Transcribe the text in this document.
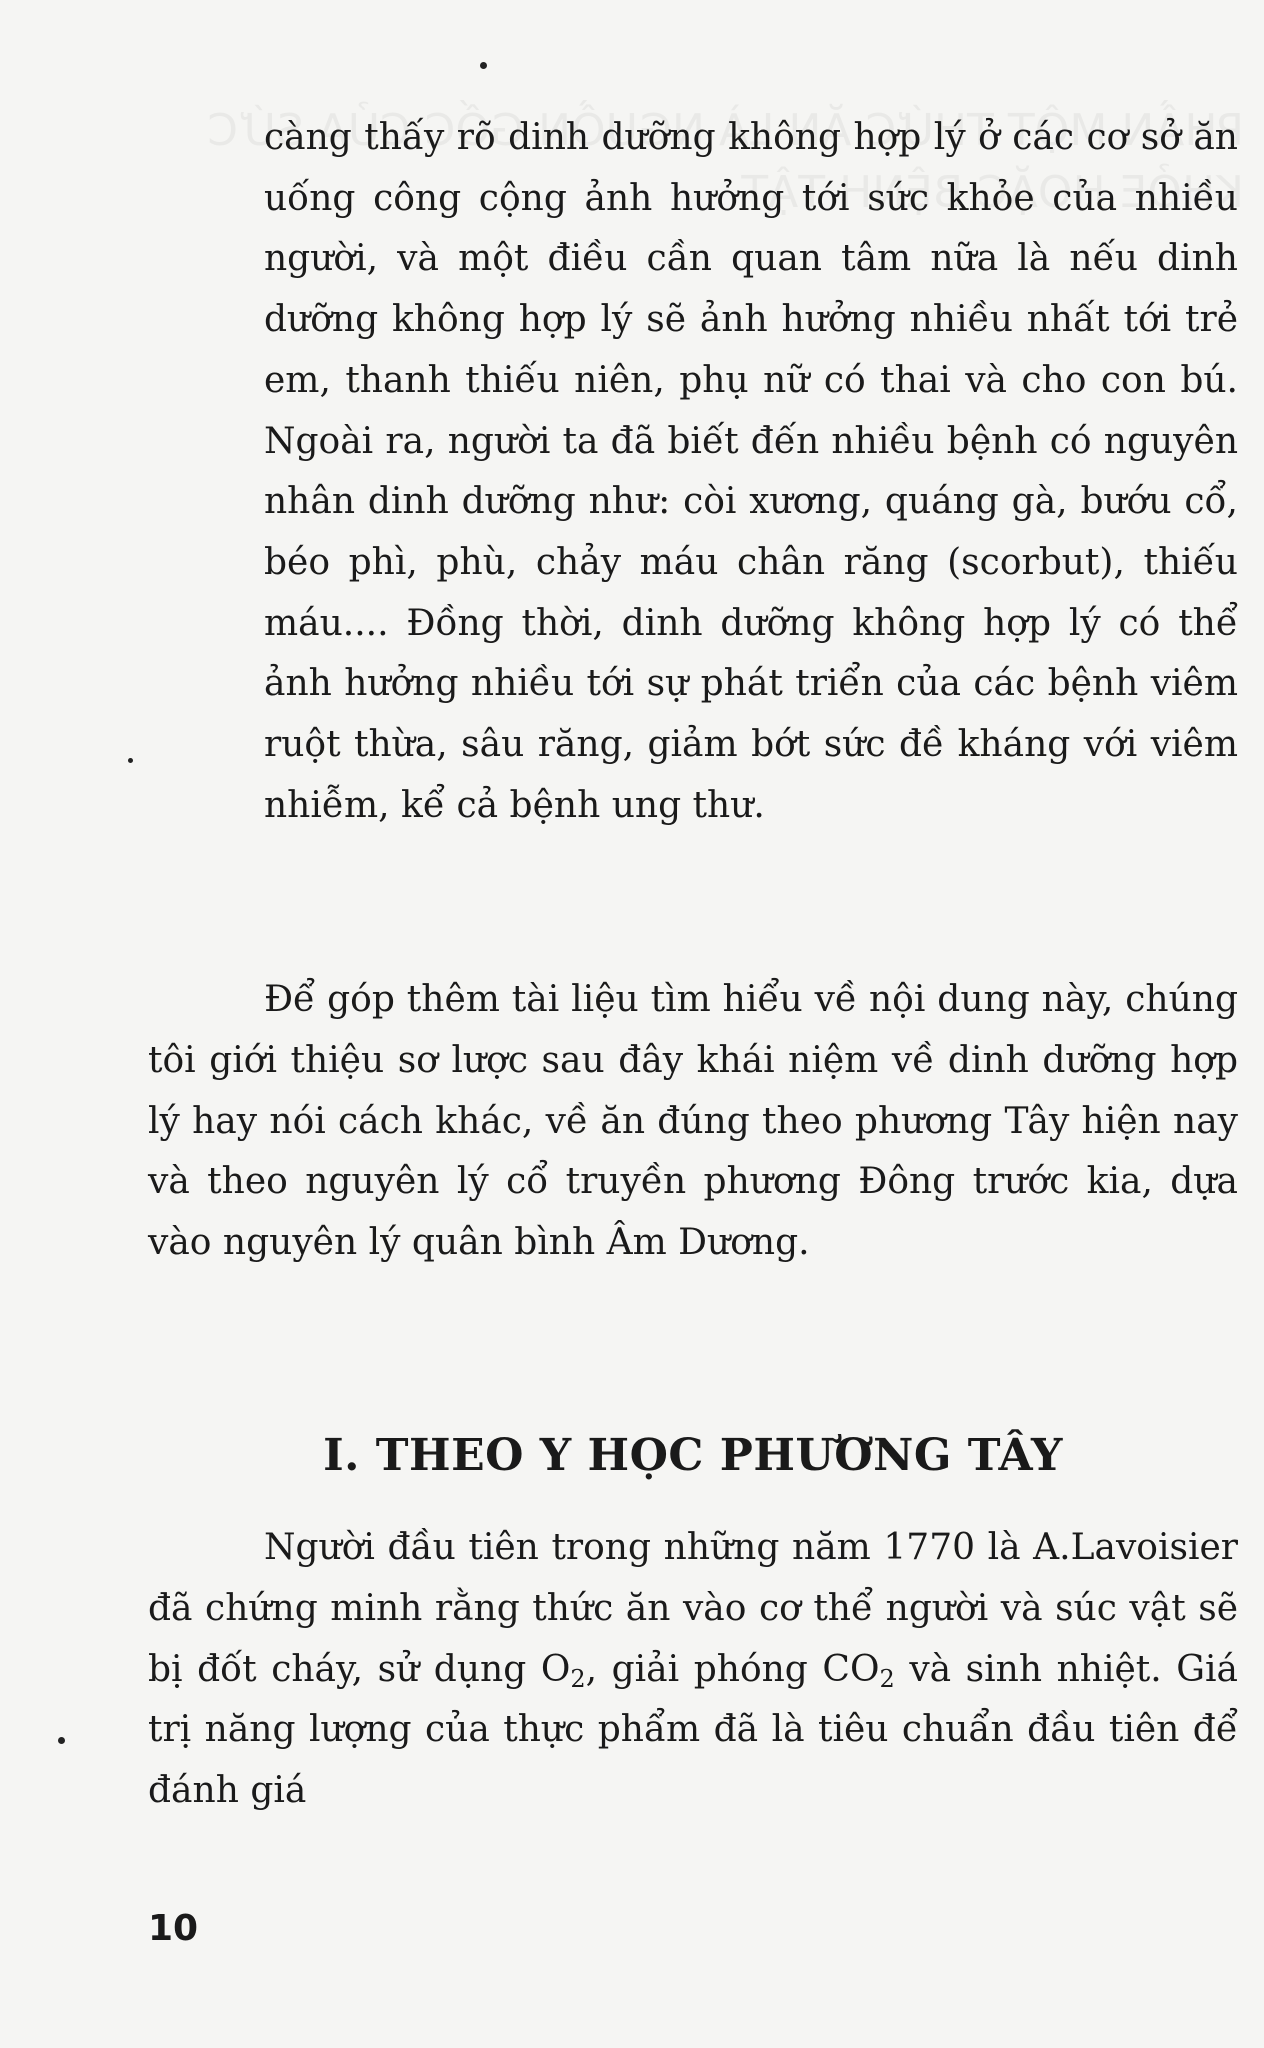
càng thấy rõ dinh dưỡng không hợp lý ở các cơ sở ăn uống công cộng ảnh hưởng tới sức khỏe của nhiều người, và một điều cần quan tâm nữa là nếu dinh dưỡng không hợp lý sẽ ảnh hưởng nhiều nhất tới trẻ em, thanh thiếu niên, phụ nữ có thai và cho con bú. Ngoài ra, người ta đã biết đến nhiều bệnh có nguyên nhân dinh dưỡng như: còi xương, quáng gà, bướu cổ, béo phì, phù, chảy máu chân răng (scorbut), thiếu máu.... Đồng thời, dinh dưỡng không hợp lý có thể ảnh hưởng nhiều tới sự phát triển của các bệnh viêm ruột thừa, sâu răng, giảm bớt sức đề kháng với viêm nhiễm, kể cả bệnh ung thư.
Để góp thêm tài liệu tìm hiểu về nội dung này, chúng tôi giới thiệu sơ lược sau đây khái niệm về dinh dưỡng hợp lý hay nói cách khác, về ăn đúng theo phương Tây hiện nay và theo nguyên lý cổ truyền phương Đông trước kia, dựa vào nguyên lý quân bình Âm Dương.
I. THEO Y HỌC PHƯƠNG TÂY
Người đầu tiên trong những năm 1770 là A.Lavoisier đã chứng minh rằng thức ăn vào cơ thể người và súc vật sẽ bị đốt cháy, sử dụng $O_2$, giải phóng $CO_2$ và sinh nhiệt. Giá trị năng lượng của thực phẩm đã là tiêu chuẩn đầu tiên để đánh giá
10
